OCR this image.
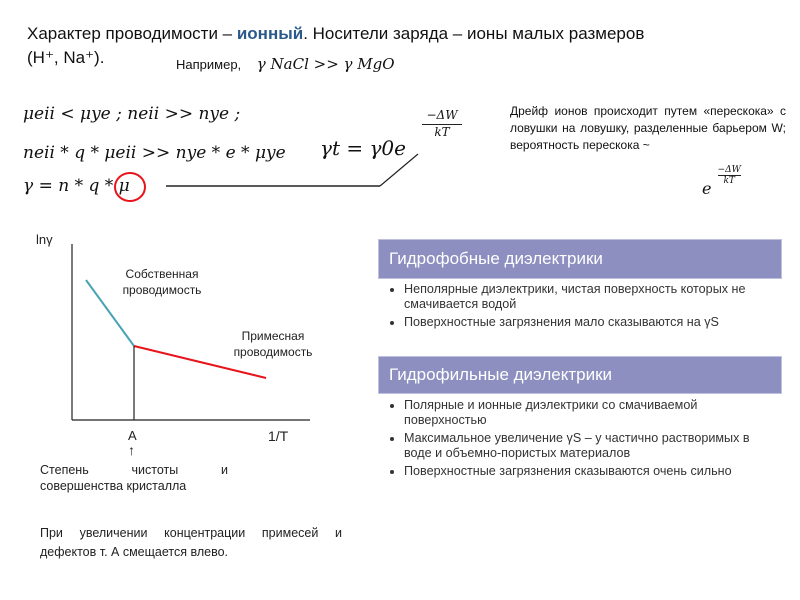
Характер проводимости – ионный. Носители заряда – ионы малых размеров
(H⁺, Na⁺).	Например, γ NaCl >> γ MgO
μeii < μye ; neii >> nye ;
neii * q * μeii >> nye * e * μye
γ = n * q * μ
γt = γ0e
$\frac{-\Delta W}{kT}$	Дрейф ионов происходит путем «перескока» с ловушки на ловушку, разделенные барьером W; вероятность перескока ~
e
$\frac{-\Delta W}{kT}$
lnγ
1/T
A
↑
Собственная проводимость
Примесная проводимость
Степень чистоты и совершенства кристалла
При увеличении концентрации примесей и дефектов т. А смещается влево.
Гидрофобные диэлектрики
• Неполярные диэлектрики, чистая поверхность которых не смачивается водой
• Поверхностные загрязнения мало сказываются на γS
Гидрофильные диэлектрики
• Полярные и ионные диэлектрики со смачиваемой поверхностью
• Максимальное увеличение γS – у частично растворимых в воде и объемно-пористых материалов
• Поверхностные загрязнения сказываются очень сильно
